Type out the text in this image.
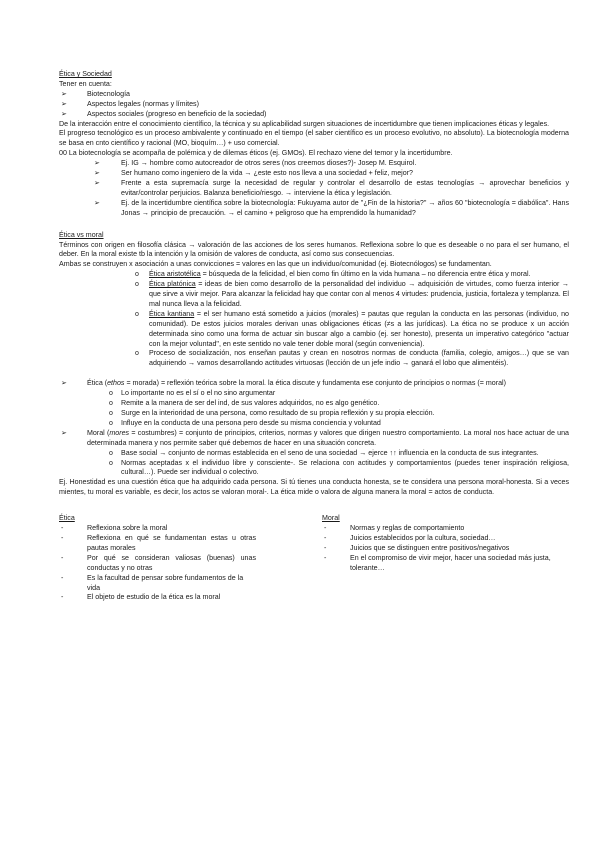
Ética y Sociedad
Tener en cuenta:
➢	Biotecnología
➢	Aspectos legales (normas y límites)
➢	Aspectos sociales (progreso en beneficio de la sociedad)

De la interacción entre el conocimiento científico, la técnica y su aplicabilidad surgen situaciones de incertidumbre que tienen implicaciones éticas y legales.

El progreso tecnológico es un proceso ambivalente y continuado en el tiempo (el saber científico es un proceso evolutivo, no absoluto). La biotecnología moderna se basa en cnto científico y racional (MO, bioquím…) + uso comercial.

00 La biotecnología se acompaña de polémica y de dilemas éticos (ej. GMOs). El rechazo viene del temor y la incertidumbre.

➢	Ej. IG → hombre como autocreador de otros seres (nos creemos dioses?)- Josep M. Esquirol.
➢	Ser humano como ingeniero de la vida → ¿este esto nos lleva a una sociedad + feliz, mejor?
➢	Frente a esta supremacía surge la necesidad de regular y controlar el desarrollo de estas tecnologías → aprovechar beneficios y evitar/controlar perjuicios. Balanza beneficio/riesgo. → interviene la ética y legislación.
➢	Ej. de la incertidumbre científica sobre la biotecnología: Fukuyama autor de "¿Fin de la historia?" → años 60 "biotecnología = diabólica". Hans Jonas → principio de precaución. → el camino + peligroso que ha emprendido la humanidad?
Ética vs moral

Términos con origen en filosofía clásica → valoración de las acciones de los seres humanos. Reflexiona sobre lo que es deseable o no para el ser humano, el deber. En la moral existe tb la intención y la omisión de valores de conducta, así como sus consecuencias.

Ambas se construyen x asociación a unas convicciones = valores en las que un individuo/comunidad (ej. Biotecnólogos) se fundamentan.

o Ética aristotélica = búsqueda de la felicidad, el bien como fin último en la vida humana – no diferencia entre ética y moral.
o Ética platónica = ideas de bien como desarrollo de la personalidad del individuo → adquisición de virtudes, como fuerza interior → que sirve a vivir mejor. Para alcanzar la felicidad hay que contar con al menos 4 virtudes: prudencia, justicia, fortaleza y templanza. El mal nunca lleva a la felicidad.
o Ética kantiana = el ser humano está sometido a juicios (morales) = pautas que regulan la conducta en las personas (individuo, no comunidad). De estos juicios morales derivan unas obligaciones éticas (≠s a las jurídicas). La ética no se produce x un acción determinada sino como una forma de actuar sin buscar algo a cambio (ej. ser honesto), presenta un imperativo categórico "actuar con la mejor voluntad", en este sentido no vale tener doble moral (según conveniencia).
o Proceso de socialización, nos enseñan pautas y crean en nosotros normas de conducta (familia, colegio, amigos…) que se van adquiriendo → vamos desarrollando actitudes virtuosas (lección de un jefe indio → ganará el lobo que alimentéis).
➢	Ética (ethos = morada) = reflexión teórica sobre la moral. la ética discute y fundamenta ese conjunto de principios o normas (= moral)
o Lo importante no es el sí o el no sino argumentar
o Remite a la manera de ser del ind, de sus valores adquiridos, no es algo genético.
o Surge en la interioridad de una persona, como resultado de su propia reflexión y su propia elección.
o Influye en la conducta de una persona pero desde su misma conciencia y voluntad
➢	Moral (mores = costumbres) = conjunto de principios, criterios, normas y valores que dirigen nuestro comportamiento. La moral nos hace actuar de una determinada manera y nos permite saber qué debemos de hacer en una situación concreta.
o Base social → conjunto de normas establecida en el seno de una sociedad → ejerce ↑↑ influencia en la conducta de sus integrantes.
o Normas aceptadas x el individuo libre y consciente-. Se relaciona con actitudes y comportamientos (puedes tener inspiración religiosa, cultural…). Puede ser individual o colectivo.

Ej. Honestidad es una cuestión ética que ha adquirido cada persona. Si tú tienes una conducta honesta, se te considera una persona moral-honesta. Si a veces mientes, tu moral es variable, es decir, los actos se valoran moral-. La ética mide o valora de alguna manera la moral = actos de conducta.

Ética
-	Reflexiona sobre la moral
-	Reflexiona en qué se fundamentan estas u otras pautas morales
-	Por qué se consideran valiosas (buenas) unas conductas y no otras
-	Es la facultad de pensar sobre fundamentos de la vida
-	El objeto de estudio de la ética es la moral
Moral
-	Normas y reglas de comportamiento
-	Juicios establecidos por la cultura, sociedad…
-	Juicios que se distinguen entre positivos/negativos
-	En el compromiso de vivir mejor, hacer una sociedad más justa, tolerante…
